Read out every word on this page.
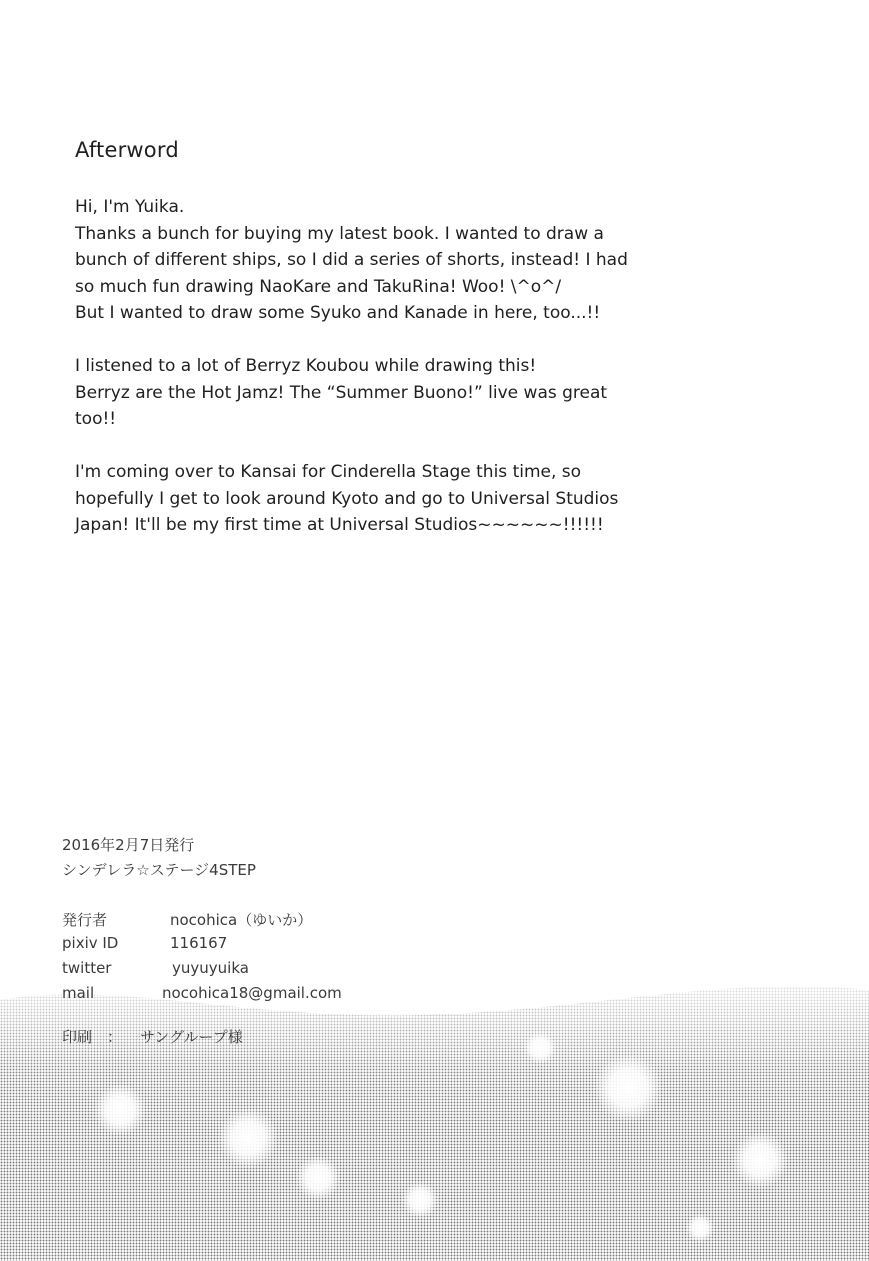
Afterword

Hi, I'm Yuika.
Thanks a bunch for buying my latest book. I wanted to draw a
bunch of different ships, so I did a series of shorts, instead! I had
so much fun drawing NaoKare and TakuRina! Woo! \^o^/
But I wanted to draw some Syuko and Kanade in here, too...!!

I listened to a lot of Berryz Koubou while drawing this!
Berryz are the Hot Jamz! The “Summer Buono!” live was great
too!!

I'm coming over to Kansai for Cinderella Stage this time, so
hopefully I get to look around Kyoto and go to Universal Studios
Japan! It'll be my first time at Universal Studios~~~~~~!!!!!!

2016年2月7日発行
シンデレラ☆ステージ4STEP
発行者	nocohica（ゆいか）
pixiv ID	116167
twitter	yuyuyuika
mail	nocohica18@gmail.com
印刷　： サングループ様
